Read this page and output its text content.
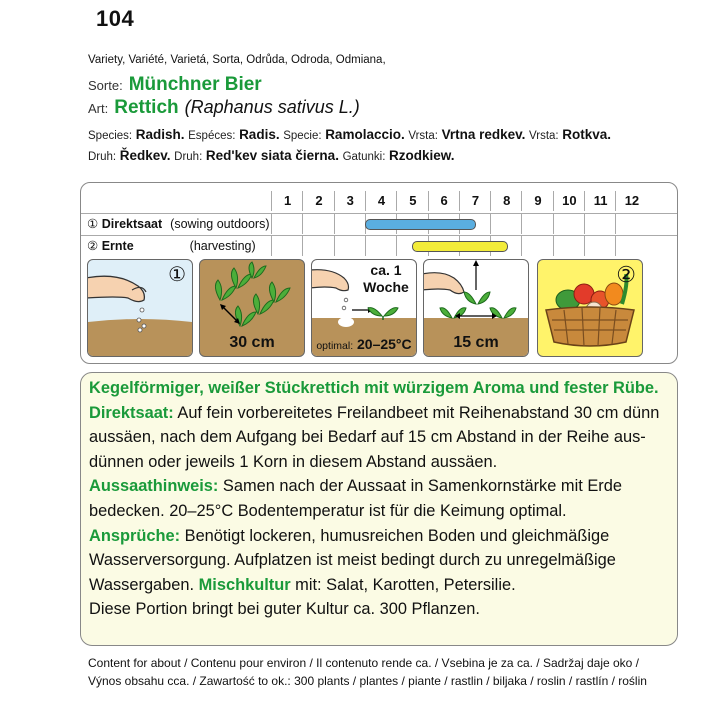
104
Variety, Variété, Varietá, Sorta, Odrůda, Odroda, Odmiana,
Sorte: Münchner Bier
Art: Rettich (Raphanus sativus L.)
Species: Radish. Espéces: Radis. Specie: Ramolaccio. Vrsta: Vrtna redkev. Vrsta: Rotkva.
Druh: Ředkev. Druh: Red'kev siata čierna. Gatunki: Rzodkiew.
1	2	3	4	5	6	7	8	9	10	11	12
① Direktsaat (sowing outdoors)
② Ernte	(harvesting)
①
30 cm
ca. 1
Woche
optimal: 20–25°C	15 cm
②
Kegelförmiger, weißer Stückrettich mit würzigem Aroma und fester Rübe.
Direktsaat: Auf fein vorbereitetes Freilandbeet mit Reihenabstand 30 cm dünn
aussäen, nach dem Aufgang bei Bedarf auf 15 cm Abstand in der Reihe aus-
dünnen oder jeweils 1 Korn in diesem Abstand aussäen.
Aussaathinweis: Samen nach der Aussaat in Samenkornstärke mit Erde
bedecken. 20–25°C Bodentemperatur ist für die Keimung optimal.
Ansprüche: Benötigt lockeren, humusreichen Boden und gleichmäßige
Wasserversorgung. Aufplatzen ist meist bedingt durch zu unregelmäßige
Wassergaben. Mischkultur mit: Salat, Karotten, Petersilie.
Diese Portion bringt bei guter Kultur ca. 300 Pflanzen.
Content for about / Contenu pour environ / Il contenuto rende ca. / Vsebina je za ca. / Sadržaj daje oko /
Výnos obsahu cca. / Zawartość to ok.: 300 plants / plantes / piante / rastlin / biljaka / roslin / rastlín / roślin
